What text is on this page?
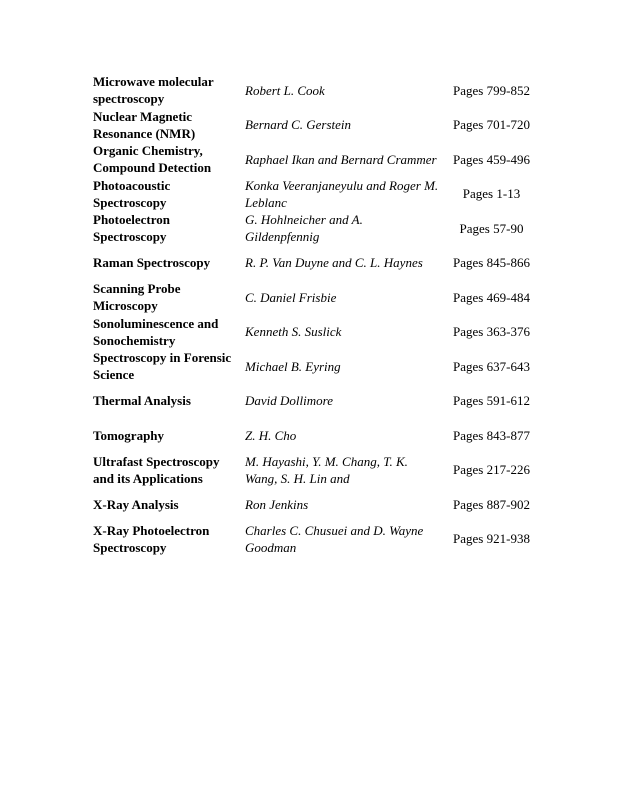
Microwave molecular spectroscopy	Robert L. Cook	Pages 799-852
Nuclear Magnetic Resonance (NMR)	Bernard C. Gerstein	Pages 701-720
Organic Chemistry, Compound Detection	Raphael Ikan and Bernard Crammer	Pages 459-496
Photoacoustic Spectroscopy	Konka Veeranjaneyulu and Roger M. Leblanc	Pages 1-13
Photoelectron Spectroscopy	G. Hohlneicher and A. Gildenpfennig	Pages 57-90
Raman Spectroscopy	R. P. Van Duyne and C. L. Haynes	Pages 845-866
Scanning Probe Microscopy	C. Daniel Frisbie	Pages 469-484
Sonoluminescence and Sonochemistry	Kenneth S. Suslick	Pages 363-376
Spectroscopy in Forensic Science	Michael B. Eyring	Pages 637-643
Thermal Analysis	David Dollimore	Pages 591-612
Tomography	Z. H. Cho	Pages 843-877
Ultrafast Spectroscopy and its Applications	M. Hayashi, Y. M. Chang, T. K. Wang, S. H. Lin and	Pages 217-226
X-Ray Analysis	Ron Jenkins	Pages 887-902
X-Ray Photoelectron Spectroscopy	Charles C. Chusuei and D. Wayne Goodman	Pages 921-938
